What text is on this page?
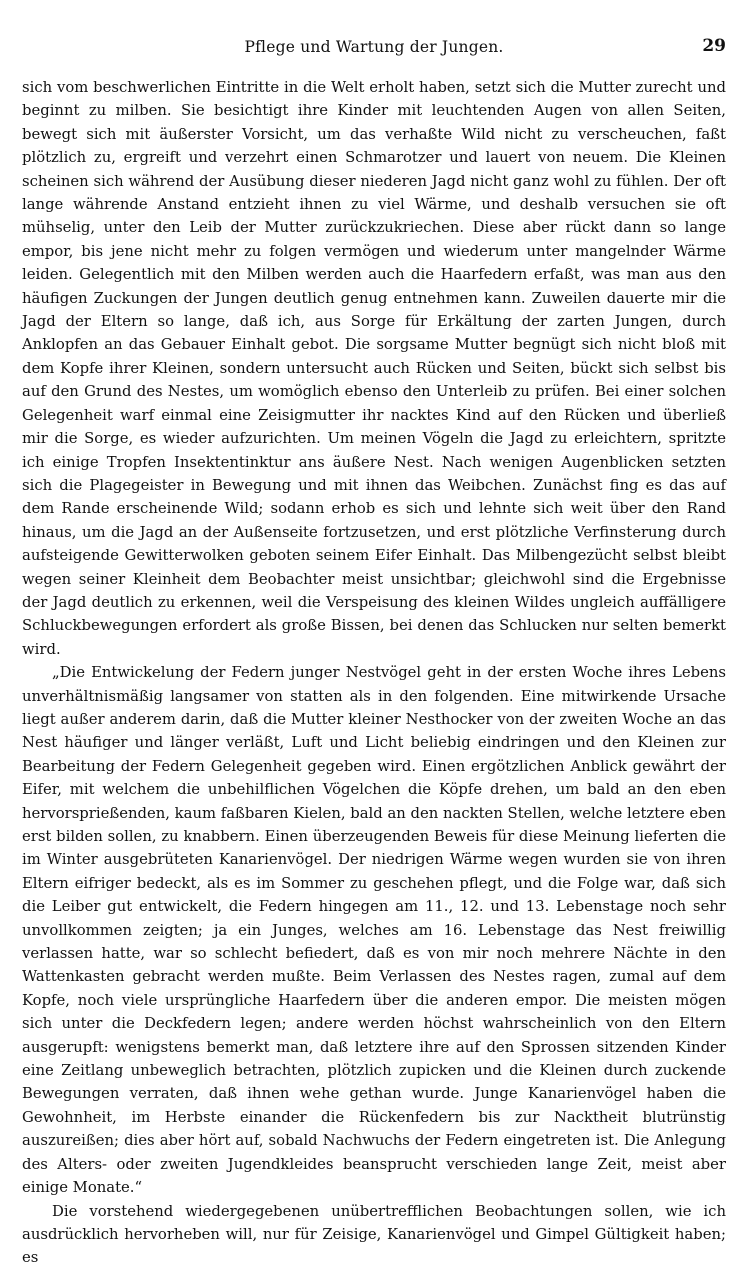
Pflege und Wartung der Jungen.	29

sich vom beschwerlichen Eintritte in die Welt erholt haben, setzt sich die Mutter zurecht und beginnt zu milben. Sie besichtigt ihre Kinder mit leuchtenden Augen von allen Seiten, bewegt sich mit äußerster Vorsicht, um das verhaßte Wild nicht zu verscheuchen, faßt plötzlich zu, ergreift und verzehrt einen Schmarotzer und lauert von neuem. Die Kleinen scheinen sich während der Ausübung dieser niederen Jagd nicht ganz wohl zu fühlen. Der oft lange währende Anstand entzieht ihnen zu viel Wärme, und deshalb versuchen sie oft mühselig, unter den Leib der Mutter zurückzukriechen. Diese aber rückt dann so lange empor, bis jene nicht mehr zu folgen vermögen und wiederum unter mangelnder Wärme leiden. Gelegentlich mit den Milben werden auch die Haarfedern erfaßt, was man aus den häufigen Zuckungen der Jungen deutlich genug entnehmen kann. Zuweilen dauerte mir die Jagd der Eltern so lange, daß ich, aus Sorge für Erkältung der zarten Jungen, durch Anklopfen an das Gebauer Einhalt gebot. Die sorgsame Mutter begnügt sich nicht bloß mit dem Kopfe ihrer Kleinen, sondern untersucht auch Rücken und Seiten, bückt sich selbst bis auf den Grund des Nestes, um womöglich ebenso den Unterleib zu prüfen. Bei einer solchen Gelegenheit warf einmal eine Zeisigmutter ihr nacktes Kind auf den Rücken und überließ mir die Sorge, es wieder aufzurichten. Um meinen Vögeln die Jagd zu erleichtern, spritzte ich einige Tropfen Insektentinktur ans äußere Nest. Nach wenigen Augenblicken setzten sich die Plagegeister in Bewegung und mit ihnen das Weibchen. Zunächst fing es das auf dem Rande erscheinende Wild; sodann erhob es sich und lehnte sich weit über den Rand hinaus, um die Jagd an der Außenseite fortzusetzen, und erst plötzliche Verfinsterung durch aufsteigende Gewitterwolken geboten seinem Eifer Einhalt. Das Milbengezücht selbst bleibt wegen seiner Kleinheit dem Beobachter meist unsichtbar; gleichwohl sind die Ergebnisse der Jagd deutlich zu erkennen, weil die Verspeisung des kleinen Wildes ungleich auffälligere Schluckbewegungen erfordert als große Bissen, bei denen das Schlucken nur selten bemerkt wird.

„Die Entwickelung der Federn junger Nestvögel geht in der ersten Woche ihres Lebens unverhältnismäßig langsamer von statten als in den folgenden. Eine mitwirkende Ursache liegt außer anderem darin, daß die Mutter kleiner Nesthocker von der zweiten Woche an das Nest häufiger und länger verläßt, Luft und Licht beliebig eindringen und den Kleinen zur Bearbeitung der Federn Gelegenheit gegeben wird. Einen ergötzlichen Anblick gewährt der Eifer, mit welchem die unbehilflichen Vögelchen die Köpfe drehen, um bald an den eben hervorsprießenden, kaum faßbaren Kielen, bald an den nackten Stellen, welche letztere eben erst bilden sollen, zu knabbern. Einen überzeugenden Beweis für diese Meinung lieferten die im Winter ausgebrüteten Kanarienvögel. Der niedrigen Wärme wegen wurden sie von ihren Eltern eifriger bedeckt, als es im Sommer zu geschehen pflegt, und die Folge war, daß sich die Leiber gut entwickelt, die Federn hingegen am 11., 12. und 13. Lebenstage noch sehr unvollkommen zeigten; ja ein Junges, welches am 16. Lebenstage das Nest freiwillig verlassen hatte, war so schlecht befiedert, daß es von mir noch mehrere Nächte in den Wattenkasten gebracht werden mußte. Beim Verlassen des Nestes ragen, zumal auf dem Kopfe, noch viele ursprüngliche Haarfedern über die anderen empor. Die meisten mögen sich unter die Deckfedern legen; andere werden höchst wahrscheinlich von den Eltern ausgerupft: wenigstens bemerkt man, daß letztere ihre auf den Sprossen sitzenden Kinder eine Zeitlang unbeweglich betrachten, plötzlich zupicken und die Kleinen durch zuckende Bewegungen verraten, daß ihnen wehe gethan wurde. Junge Kanarienvögel haben die Gewohnheit, im Herbste einander die Rückenfedern bis zur Nacktheit blutrünstig auszureißen; dies aber hört auf, sobald Nachwuchs der Federn eingetreten ist. Die Anlegung des Alters- oder zweiten Jugendkleides beansprucht verschieden lange Zeit, meist aber einige Monate.“

Die vorstehend wiedergegebenen unübertrefflichen Beobachtungen sollen, wie ich ausdrücklich hervorheben will, nur für Zeisige, Kanarienvögel und Gimpel Gültigkeit haben; es
